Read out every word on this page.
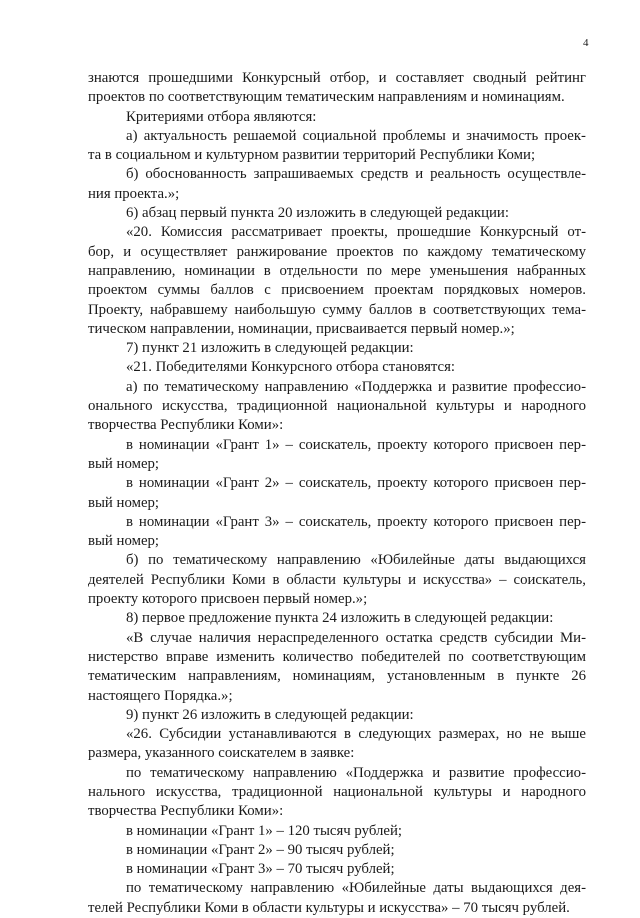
4
знаются прошедшими Конкурсный отбор, и составляет сводный рейтинг
проектов по соответствующим тематическим направлениям и номинациям.
Критериями отбора являются:
а) актуальность решаемой социальной проблемы и значимость проек-
та в социальном и культурном развитии территорий Республики Коми;
б) обоснованность запрашиваемых средств и реальность осуществле-
ния проекта.»;
6) абзац первый пункта 20 изложить в следующей редакции:
«20. Комиссия рассматривает проекты, прошедшие Конкурсный от-
бор, и осуществляет ранжирование проектов по каждому тематическому
направлению, номинации в отдельности по мере уменьшения набранных
проектом суммы баллов с присвоением проектам порядковых номеров.
Проекту, набравшему наибольшую сумму баллов в соответствующих тема-
тическом направлении, номинации, присваивается первый номер.»;
7) пункт 21 изложить в следующей редакции:
«21. Победителями Конкурсного отбора становятся:
а) по тематическому направлению «Поддержка и развитие профессио-
онального искусства, традиционной национальной культуры и народного
творчества Республики Коми»:
в номинации «Грант 1» – соискатель, проекту которого присвоен пер-
вый номер;
в номинации «Грант 2» – соискатель, проекту которого присвоен пер-
вый номер;
в номинации «Грант 3» – соискатель, проекту которого присвоен пер-
вый номер;
б) по тематическому направлению «Юбилейные даты выдающихся
деятелей Республики Коми в области культуры и искусства» – соискатель,
проекту которого присвоен первый номер.»;
8) первое предложение пункта 24 изложить в следующей редакции:
«В случае наличия нераспределенного остатка средств субсидии Ми-
нистерство вправе изменить количество победителей по соответствующим
тематическим направлениям, номинациям, установленным в пункте 26
настоящего Порядка.»;
9) пункт 26 изложить в следующей редакции:
«26. Субсидии устанавливаются в следующих размерах, но не выше
размера, указанного соискателем в заявке:
по тематическому направлению «Поддержка и развитие профессио-
нального искусства, традиционной национальной культуры и народного
творчества Республики Коми»:
в номинации «Грант 1» – 120 тысяч рублей;
в номинации «Грант 2» – 90 тысяч рублей;
в номинации «Грант 3» – 70 тысяч рублей;
по тематическому направлению «Юбилейные даты выдающихся дея-
телей Республики Коми в области культуры и искусства» – 70 тысяч рублей.
